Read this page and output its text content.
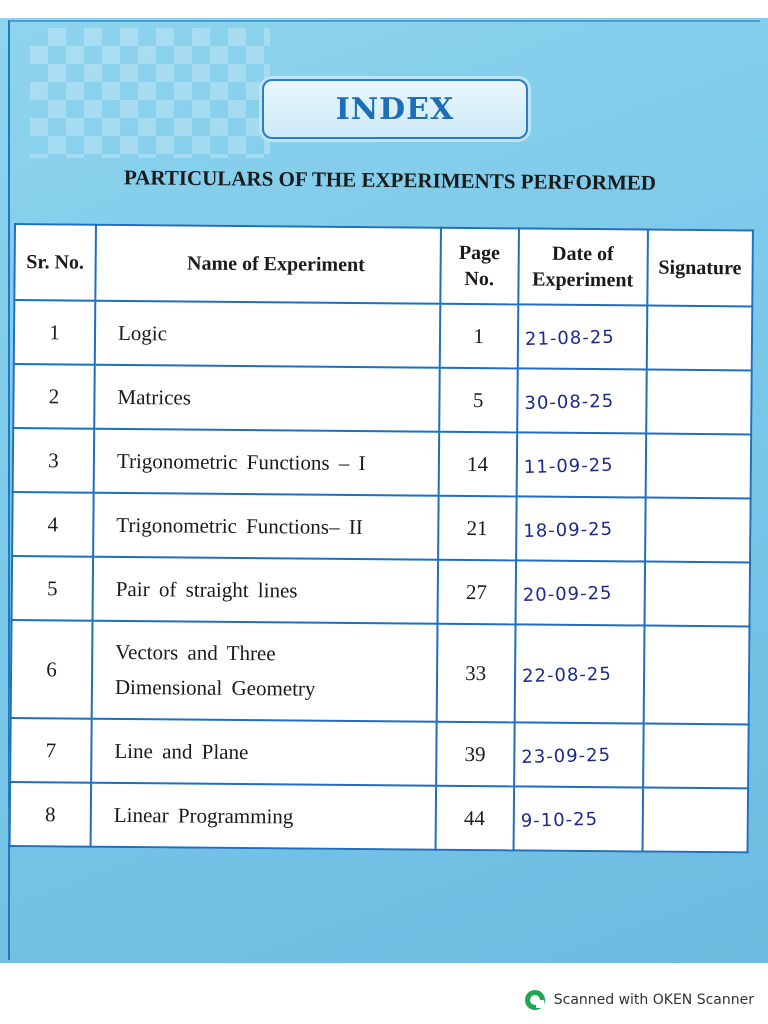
INDEX
PARTICULARS OF THE EXPERIMENTS PERFORMED
Sr. No.	Name of Experiment	Page No.	Date of Experiment	Signature
1	Logic	1	21-08-25	
2	Matrices	5	30-08-25	
3	Trigonometric Functions – I	14	11-09-25	
4	Trigonometric Functions– II	21	18-09-25	
5	Pair of straight lines	27	20-09-25	
6	Vectors and Three
Dimensional Geometry	33	22-08-25	
7	Line and Plane	39	23-09-25	
8	Linear Programming	44	9-10-25	
Scanned with OKEN Scanner
